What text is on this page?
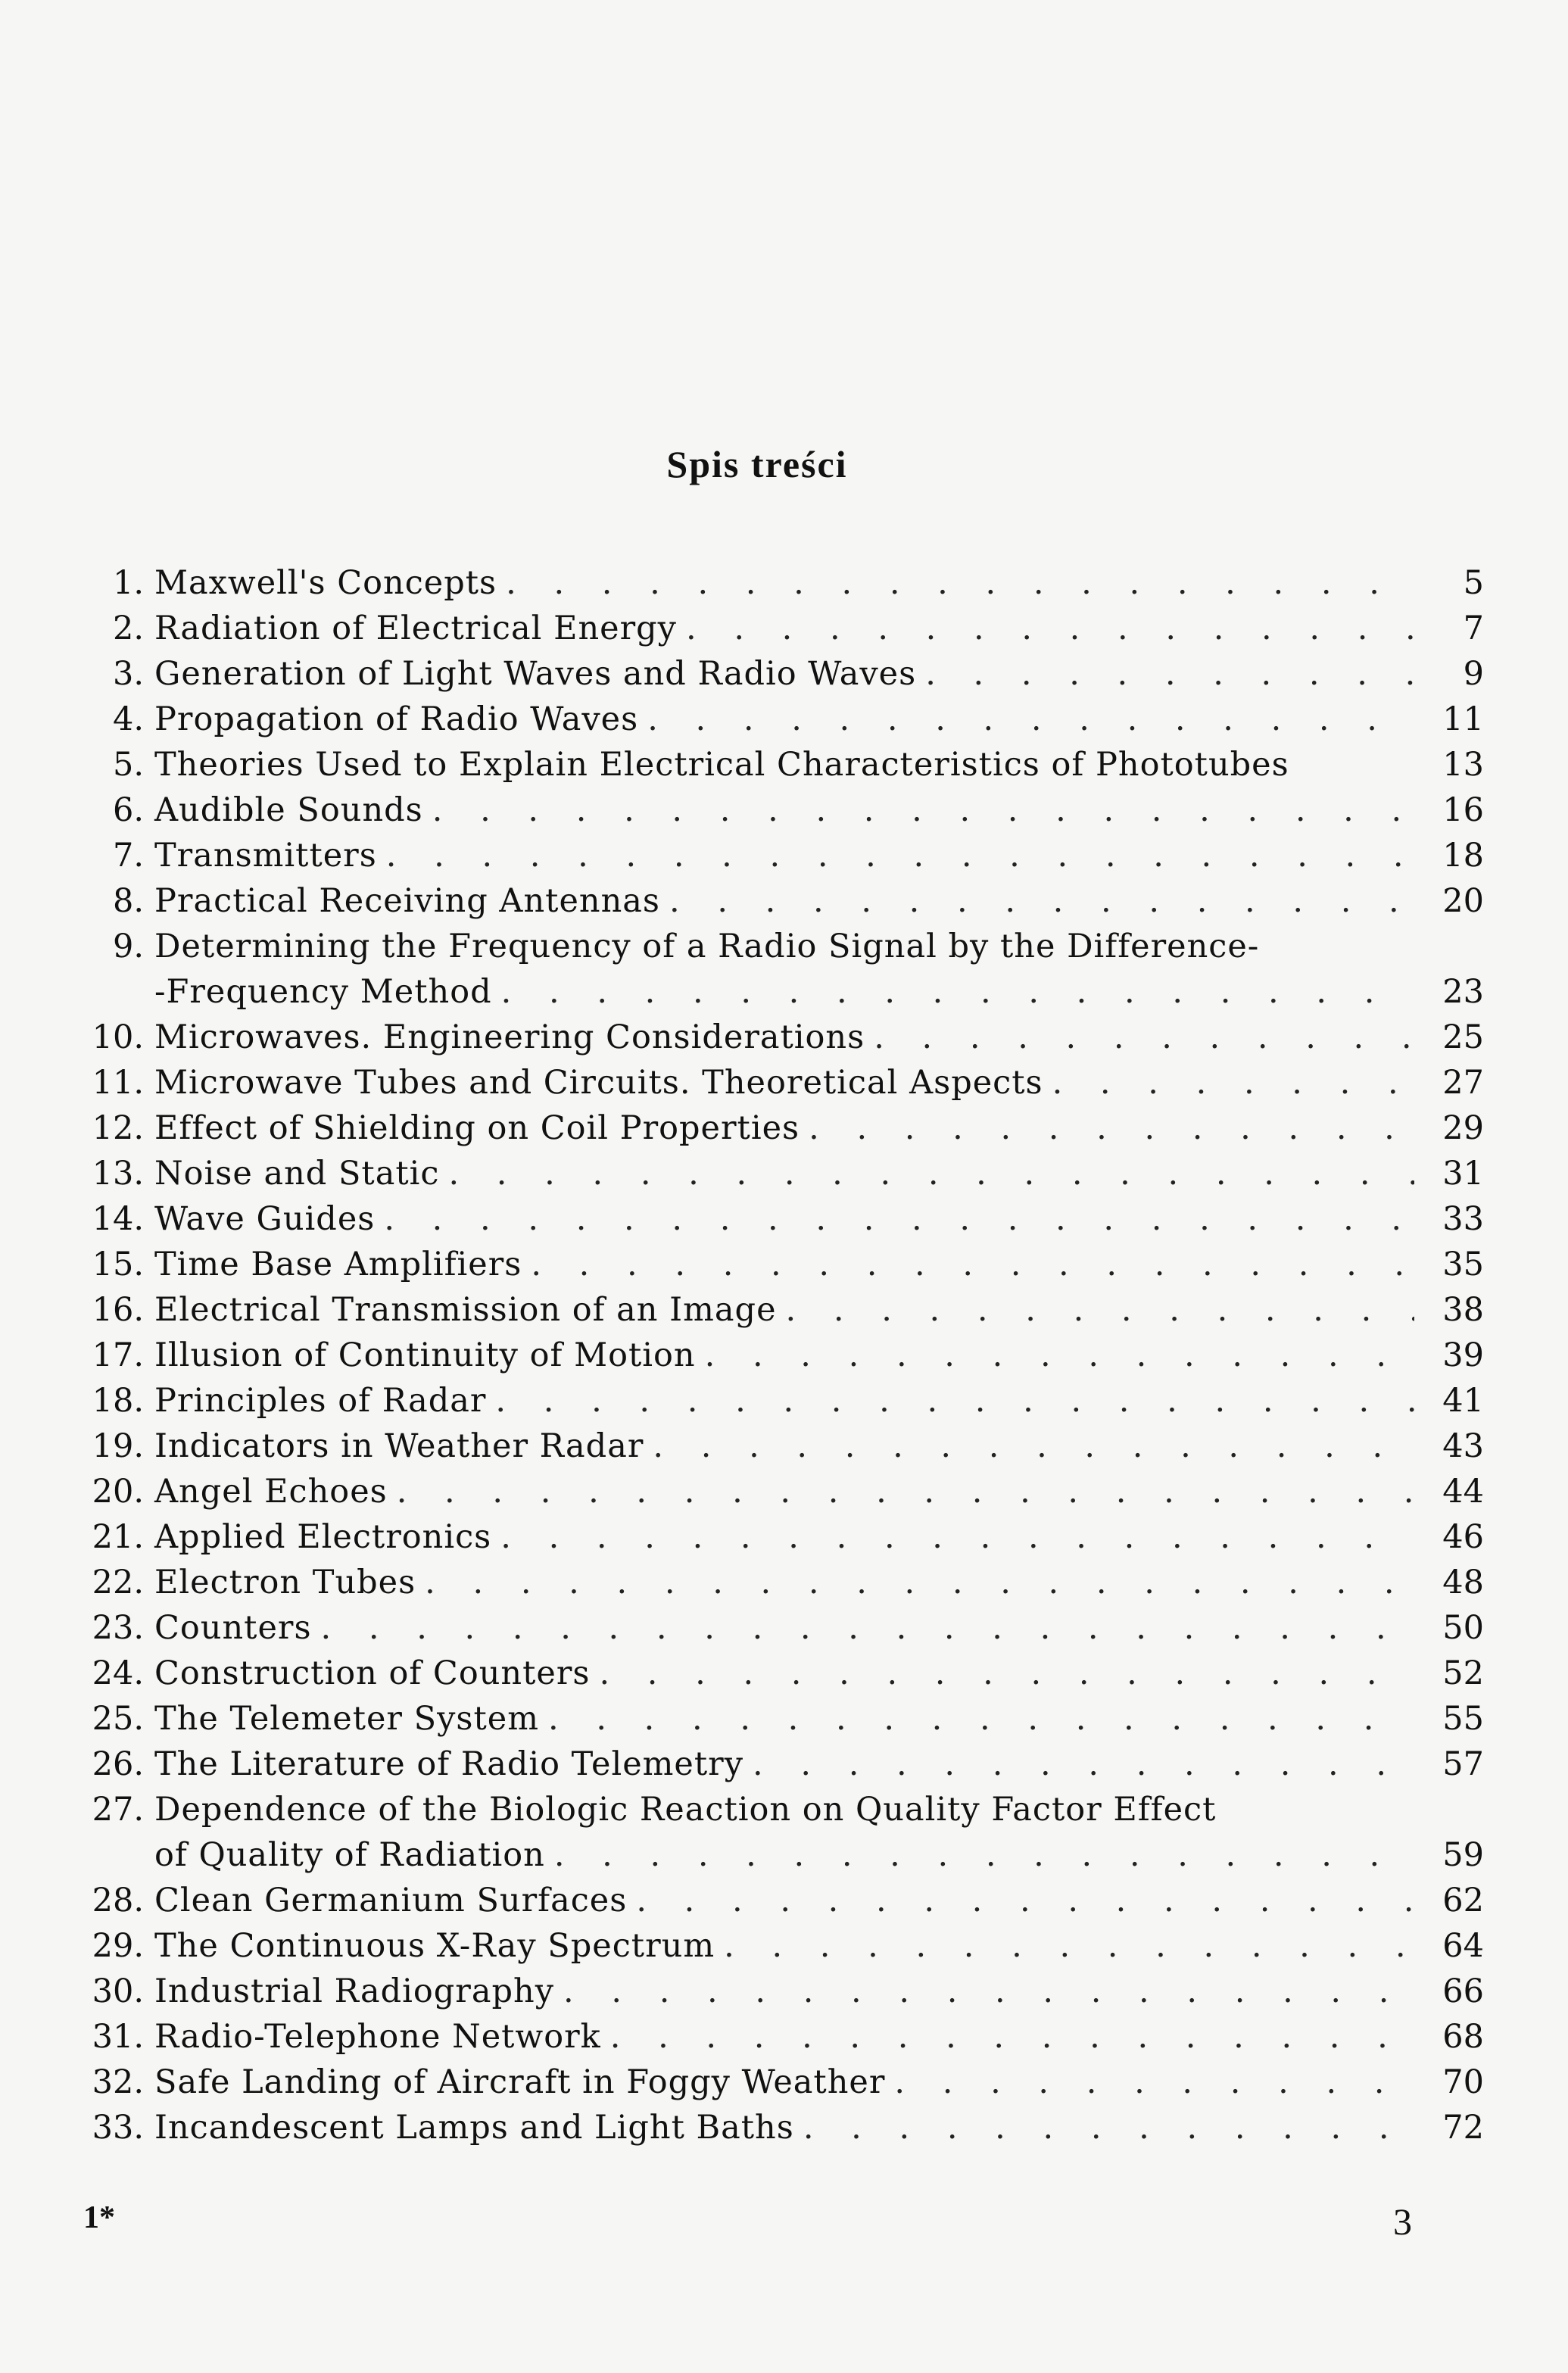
Spis treści
1. Maxwell's Concepts . . .	5
2. Radiation of Electrical Energy . . .	7
3. Generation of Light Waves and Radio Waves . . .	9
4. Propagation of Radio Waves . . .	11
5. Theories Used to Explain Electrical Characteristics of Phototubes	13
6. Audible Sounds . . .	16
7. Transmitters . . .	18
8. Practical Receiving Antennas . . .	20
9. Determining the Frequency of a Radio Signal by the Difference-
-Frequency Method . . .	23
10. Microwaves. Engineering Considerations . . .	25
11. Microwave Tubes and Circuits. Theoretical Aspects . . .	27
12. Effect of Shielding on Coil Properties . . .	29
13. Noise and Static . . .	31
14. Wave Guides . . .	33
15. Time Base Amplifiers . . .	35
16. Electrical Transmission of an Image . . .	38
17. Illusion of Continuity of Motion . . .	39
18. Principles of Radar . . .	41
19. Indicators in Weather Radar . . .	43
20. Angel Echoes . . .	44
21. Applied Electronics . . .	46
22. Electron Tubes . . .	48
23. Counters . . .	50
24. Construction of Counters . . .	52
25. The Telemeter System . . .	55
26. The Literature of Radio Telemetry . . .	57
27. Dependence of the Biologic Reaction on Quality Factor Effect
of Quality of Radiation . . .	59
28. Clean Germanium Surfaces . . .	62
29. The Continuous X-Ray Spectrum . . .	64
30. Industrial Radiography . . .	66
31. Radio-Telephone Network . . .	68
32. Safe Landing of Aircraft in Foggy Weather . . .	70
33. Incandescent Lamps and Light Baths . . .	72
1*	3
